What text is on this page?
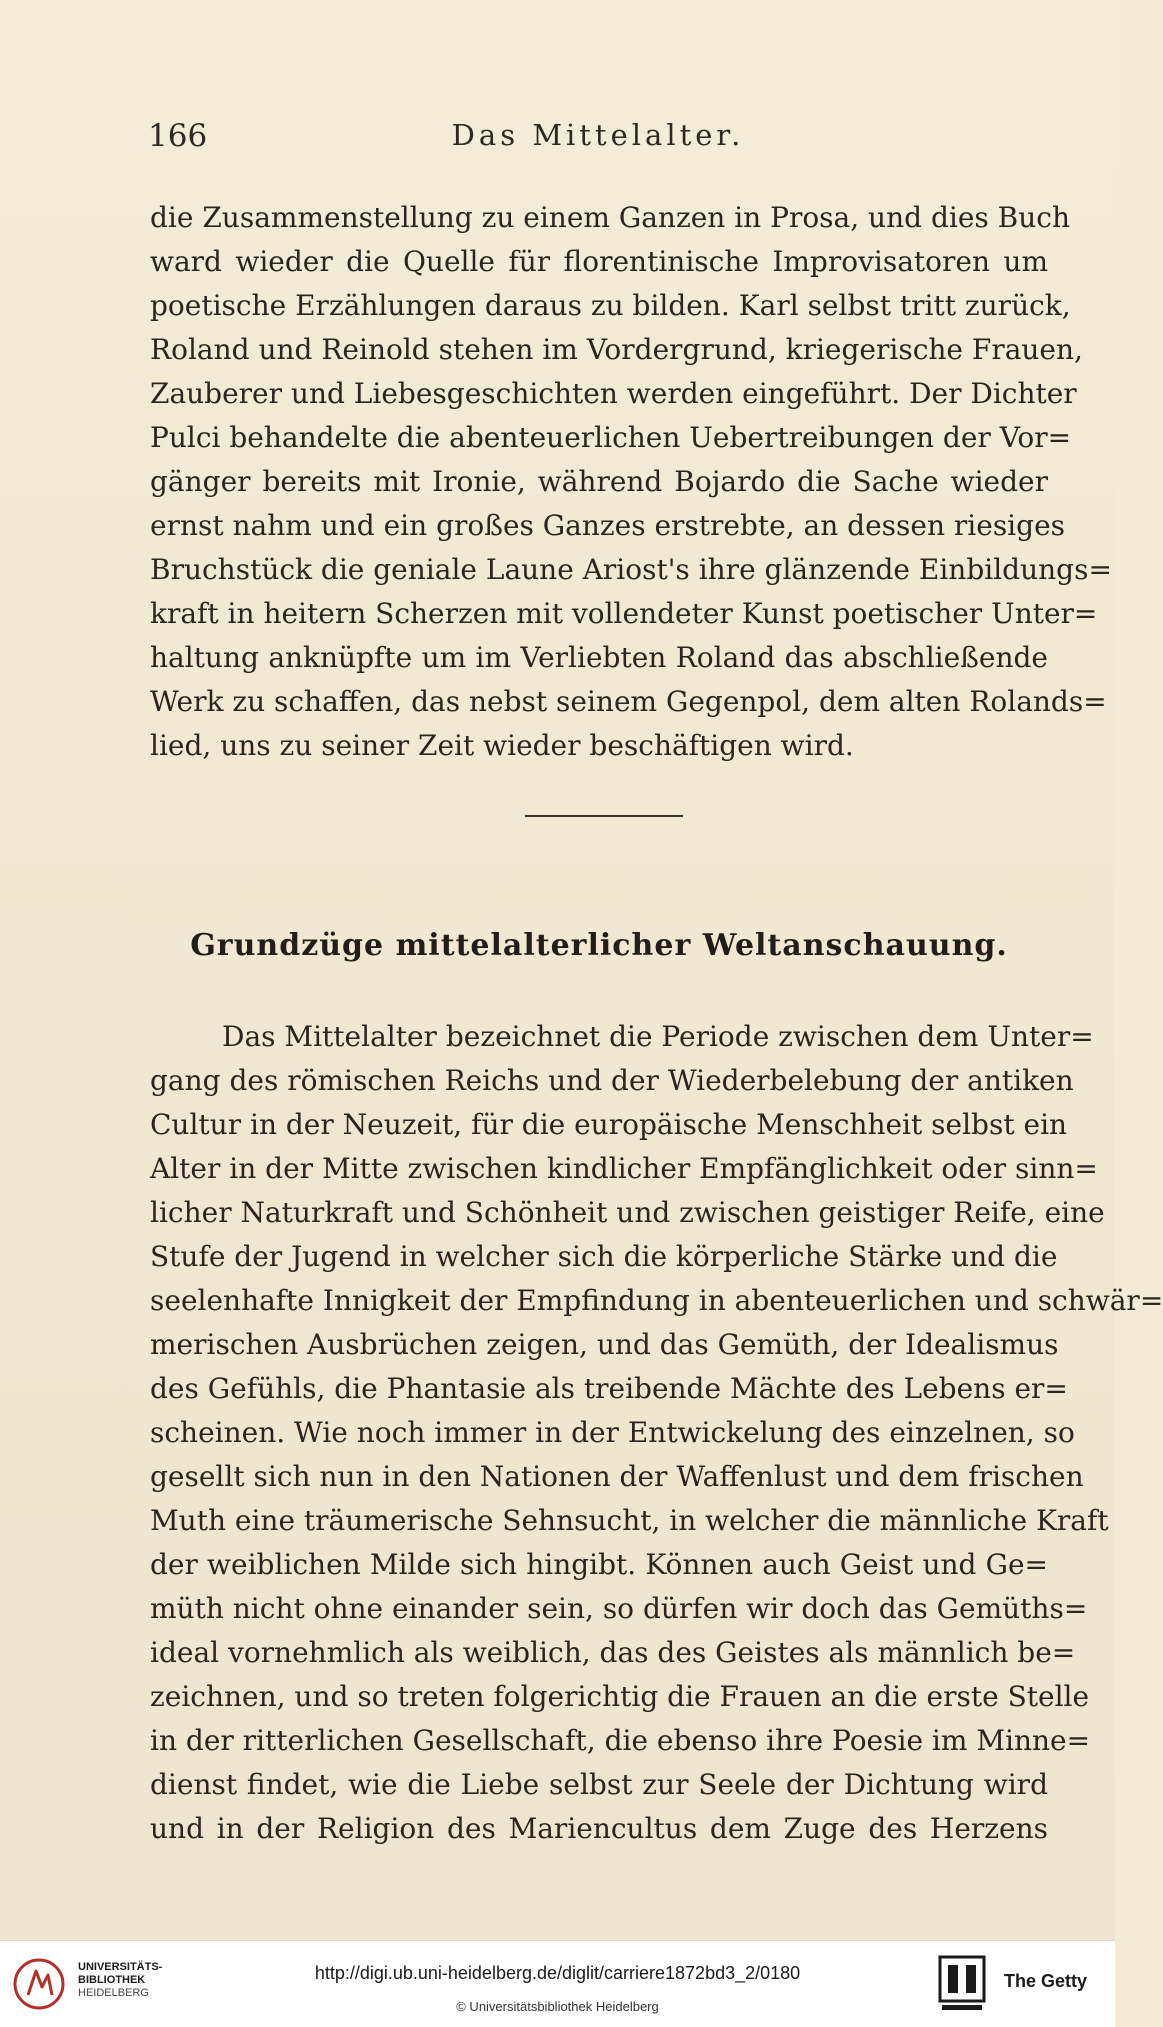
166	Das Mittelalter.
die Zusammenstellung zu einem Ganzen in Prosa, und dies Buch
ward wieder die Quelle für florentinische Improvisatoren um
poetische Erzählungen daraus zu bilden. Karl selbst tritt zurück,
Roland und Reinold stehen im Vordergrund, kriegerische Frauen,
Zauberer und Liebesgeschichten werden eingeführt. Der Dichter
Pulci behandelte die abenteuerlichen Uebertreibungen der Vor=
gänger bereits mit Ironie, während Bojardo die Sache wieder
ernst nahm und ein großes Ganzes erstrebte, an dessen riesiges
Bruchstück die geniale Laune Ariost's ihre glänzende Einbildungs=
kraft in heitern Scherzen mit vollendeter Kunst poetischer Unter=
haltung anknüpfte um im Verliebten Roland das abschließende
Werk zu schaffen, das nebst seinem Gegenpol, dem alten Rolands=
lied, uns zu seiner Zeit wieder beschäftigen wird.
Grundzüge mittelalterlicher Weltanschauung.
Das Mittelalter bezeichnet die Periode zwischen dem Unter=
gang des römischen Reichs und der Wiederbelebung der antiken
Cultur in der Neuzeit, für die europäische Menschheit selbst ein
Alter in der Mitte zwischen kindlicher Empfänglichkeit oder sinn=
licher Naturkraft und Schönheit und zwischen geistiger Reife, eine
Stufe der Jugend in welcher sich die körperliche Stärke und die
seelenhafte Innigkeit der Empfindung in abenteuerlichen und schwär=
merischen Ausbrüchen zeigen, und das Gemüth, der Idealismus
des Gefühls, die Phantasie als treibende Mächte des Lebens er=
scheinen. Wie noch immer in der Entwickelung des einzelnen, so
gesellt sich nun in den Nationen der Waffenlust und dem frischen
Muth eine träumerische Sehnsucht, in welcher die männliche Kraft
der weiblichen Milde sich hingibt. Können auch Geist und Ge=
müth nicht ohne einander sein, so dürfen wir doch das Gemüths=
ideal vornehmlich als weiblich, das des Geistes als männlich be=
zeichnen, und so treten folgerichtig die Frauen an die erste Stelle
in der ritterlichen Gesellschaft, die ebenso ihre Poesie im Minne=
dienst findet, wie die Liebe selbst zur Seele der Dichtung wird
und in der Religion des Mariencultus dem Zuge des Herzens
UNIVERSITÄTS-
BIBLIOTHEK
HEIDELBERG
http://digi.ub.uni-heidelberg.de/diglit/carriere1872bd3_2/0180
© Universitätsbibliothek Heidelberg
The Getty
